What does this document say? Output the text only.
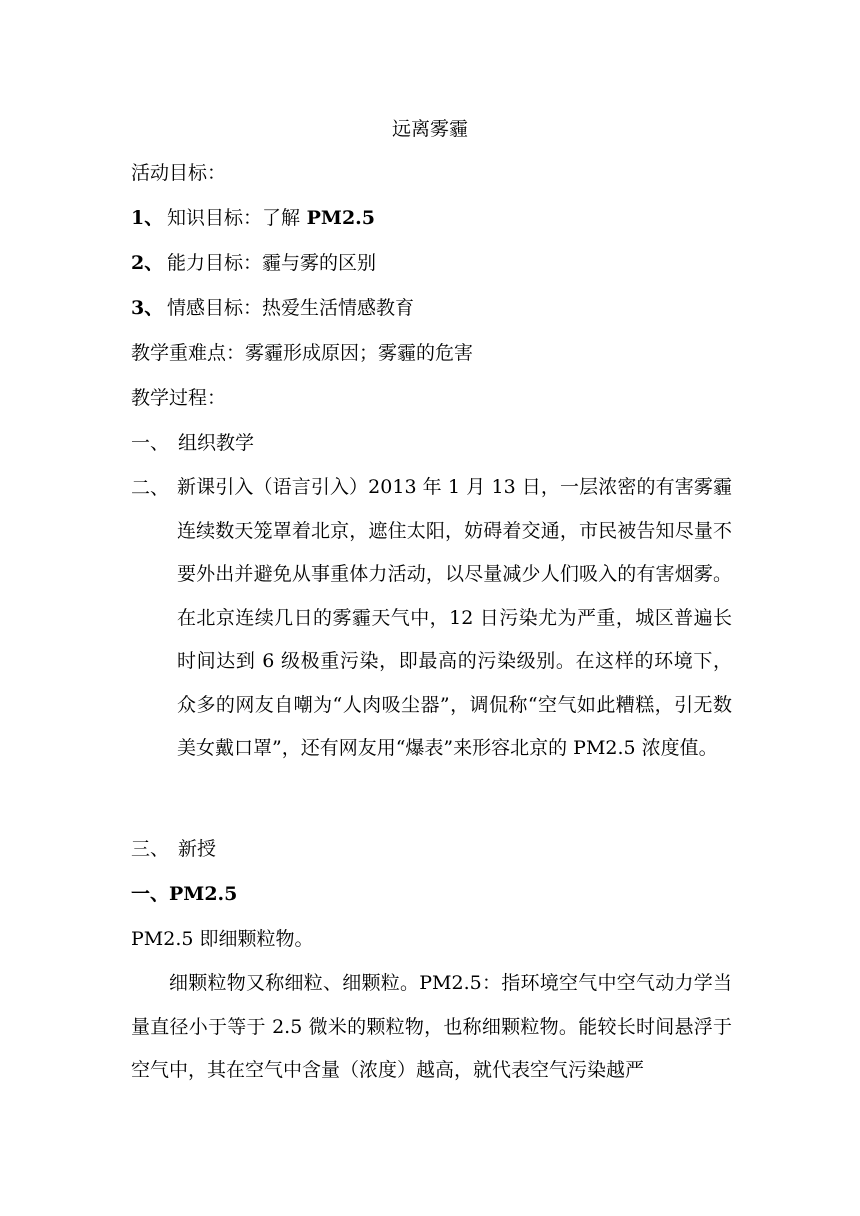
远离雾霾
活动目标：
1、 知识目标：了解 PM2.5
2、 能力目标：霾与雾的区别
3、 情感目标：热爱生活情感教育
教学重难点：雾霾形成原因；雾霾的危害
教学过程：
一、 组织教学
二、 新课引入（语言引入）2013 年 1 月 13 日，一层浓密的有害雾霾连续数天笼罩着北京，遮住太阳，妨碍着交通，市民被告知尽量不要外出并避免从事重体力活动，以尽量减少人们吸入的有害烟雾。在北京连续几日的雾霾天气中，12 日污染尤为严重，城区普遍长时间达到 6 级极重污染，即最高的污染级别。在这样的环境下，众多的网友自嘲为“人肉吸尘器”，调侃称“空气如此糟糕，引无数美女戴口罩”，还有网友用“爆表”来形容北京的 PM2.5 浓度值。
三、 新授
一、PM2.5
PM2.5 即细颗粒物。
细颗粒物又称细粒、细颗粒。PM2.5：指环境空气中空气动力学当量直径小于等于 2.5 微米的颗粒物，也称细颗粒物。能较长时间悬浮于空气中，其在空气中含量（浓度）越高，就代表空气污染越严
